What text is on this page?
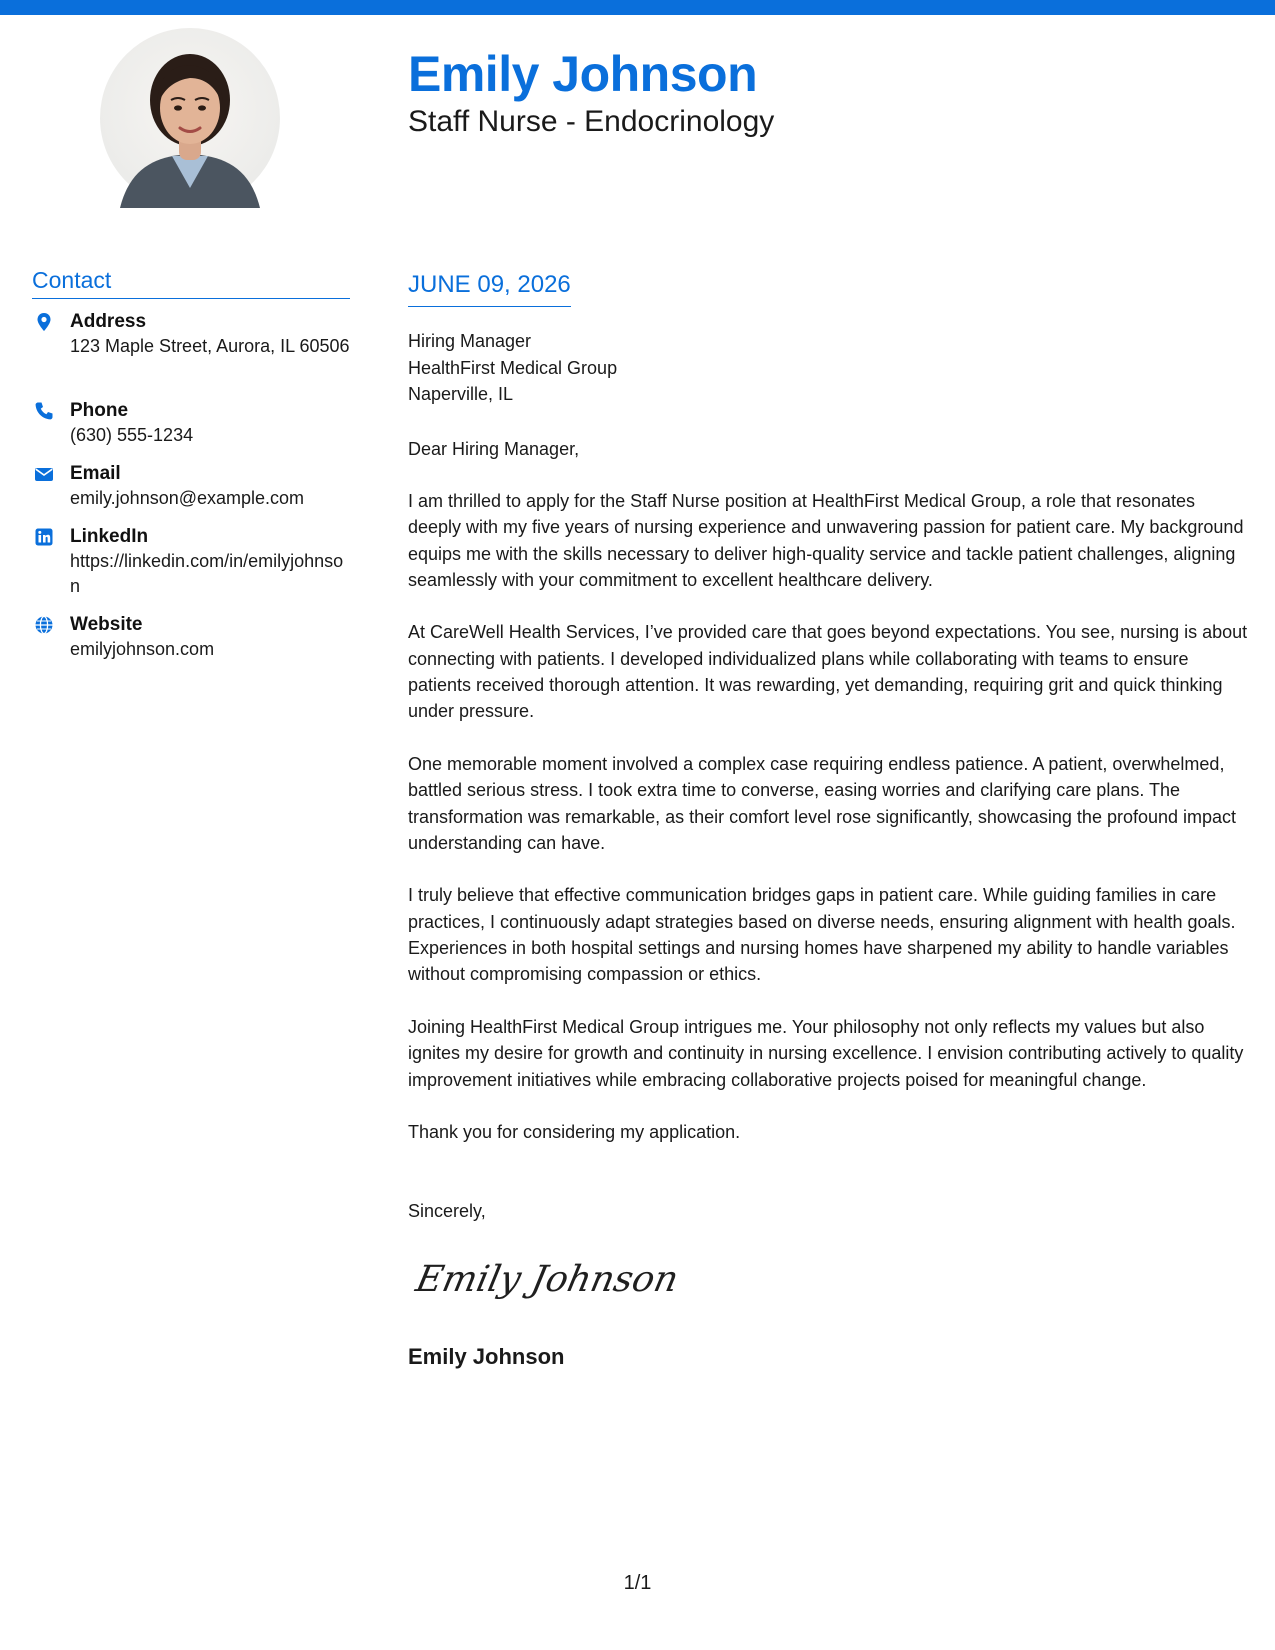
Emily Johnson
Staff Nurse - Endocrinology
Contact
Address
123 Maple Street, Aurora, IL 60506
Phone
(630) 555-1234
Email
emily.johnson@example.com
LinkedIn
https://linkedin.com/in/emilyjohnson
Website
emilyjohnson.com
JUNE 09, 2026
Hiring Manager
HealthFirst Medical Group
Naperville, IL

Dear Hiring Manager,

I am thrilled to apply for the Staff Nurse position at HealthFirst Medical Group, a role that resonates deeply with my five years of nursing experience and unwavering passion for patient care. My background equips me with the skills necessary to deliver high-quality service and tackle patient challenges, aligning seamlessly with your commitment to excellent healthcare delivery.

At CareWell Health Services, I’ve provided care that goes beyond expectations. You see, nursing is about connecting with patients. I developed individualized plans while collaborating with teams to ensure patients received thorough attention. It was rewarding, yet demanding, requiring grit and quick thinking under pressure.

One memorable moment involved a complex case requiring endless patience. A patient, overwhelmed, battled serious stress. I took extra time to converse, easing worries and clarifying care plans. The transformation was remarkable, as their comfort level rose significantly, showcasing the profound impact understanding can have.

I truly believe that effective communication bridges gaps in patient care. While guiding families in care practices, I continuously adapt strategies based on diverse needs, ensuring alignment with health goals. Experiences in both hospital settings and nursing homes have sharpened my ability to handle variables without compromising compassion or ethics.

Joining HealthFirst Medical Group intrigues me. Your philosophy not only reflects my values but also ignites my desire for growth and continuity in nursing excellence. I envision contributing actively to quality improvement initiatives while embracing collaborative projects poised for meaningful change.

Thank you for considering my application.

Sincerely,

Emily Johnson

Emily Johnson

1/1
